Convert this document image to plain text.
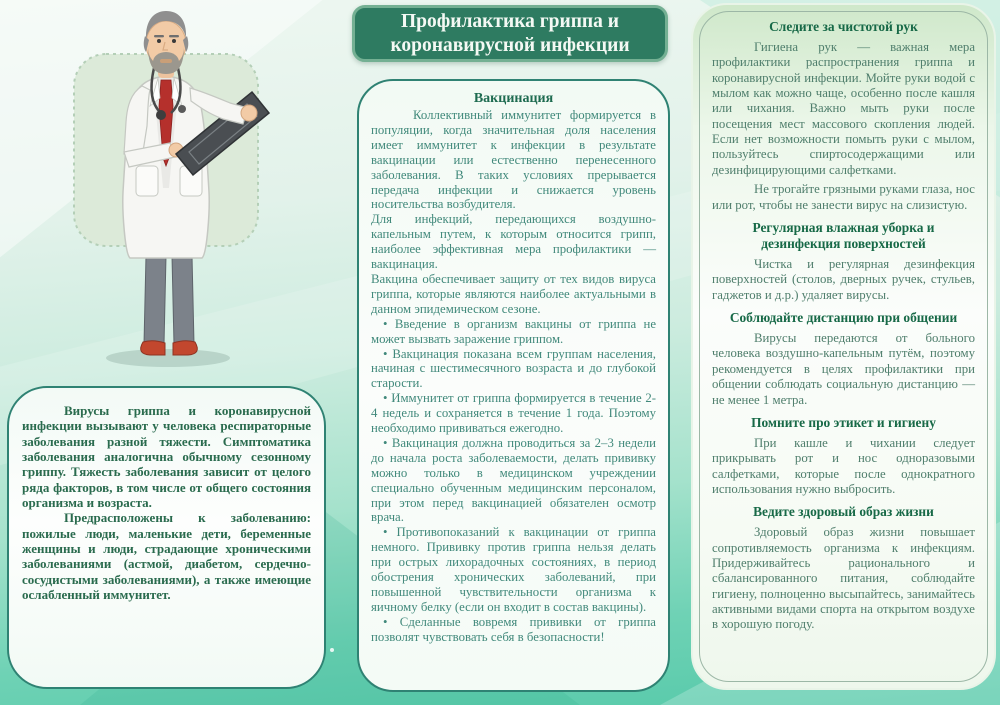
Профилактика гриппа и коронавирусной инфекции

Вирусы гриппа и коронавирусной инфекции вызывают у человека респираторные заболевания разной тяжести. Симптоматика заболевания аналогична обычному сезонному гриппу. Тяжесть заболевания зависит от целого ряда факторов, в том числе от общего состояния организма и возраста.

Предрасположены к заболеванию: пожилые люди, маленькие дети, беременные женщины и люди, страдающие хроническими заболеваниями (астмой, диабетом, сердечно-сосудистыми заболеваниями), а также имеющие ослабленный иммунитет.

Вакцинация

Коллективный иммунитет формируется в популяции, когда значительная доля населения имеет иммунитет к инфекции в результате вакцинации или естественно перенесенного заболевания. В таких условиях прерывается передача инфекции и снижается уровень носительства возбудителя.

Для инфекций, передающихся воздушно-капельным путем, к которым относится грипп, наиболее эффективная мера профилактики — вакцинация.

Вакцина обеспечивает защиту от тех видов вируса гриппа, которые являются наиболее актуальными в данном эпидемическом сезоне.

• Введение в организм вакцины от гриппа не может вызвать заражение гриппом.

• Вакцинация показана всем группам населения, начиная с шестимесячного возраста и до глубокой старости.

• Иммунитет от гриппа формируется в течение 2-4 недель и сохраняется в течение 1 года. Поэтому необходимо прививаться ежегодно.

• Вакцинация должна проводиться за 2–3 недели до начала роста заболеваемости, делать прививку можно только в медицинском учреждении специально обученным медицинским персоналом, при этом перед вакцинацией обязателен осмотр врача.

• Противопоказаний к вакцинации от гриппа немного. Прививку против гриппа нельзя делать при острых лихорадочных состояниях, в период обострения хронических заболеваний, при повышенной чувствительности организма к яичному белку (если он входит в состав вакцины).

• Сделанные вовремя прививки от гриппа позволят чувствовать себя в безопасности!

Следите за чистотой рук

Гигиена рук — важная мера профилактики распространения гриппа и коронавирусной инфекции. Мойте руки водой с мылом как можно чаще, особенно после кашля или чихания. Важно мыть руки после посещения мест массового скопления людей. Если нет возможности помыть руки с мылом, пользуйтесь спиртосодержащими или дезинфицирующими салфетками.

Не трогайте грязными руками глаза, нос или рот, чтобы не занести вирус на слизистую.

Регулярная влажная уборка и дезинфекция поверхностей

Чистка и регулярная дезинфекция поверхностей (столов, дверных ручек, стульев, гаджетов и д.р.) удаляет вирусы.

Соблюдайте дистанцию при общении

Вирусы передаются от больного человека воздушно-капельным путём, поэтому рекомендуется в целях профилактики при общении соблюдать социальную дистанцию — не менее 1 метра.

Помните про этикет и гигиену

При кашле и чихании следует прикрывать рот и нос одноразовыми салфетками, которые после однократного использования нужно выбросить.

Ведите здоровый образ жизни

Здоровый образ жизни повышает сопротивляемость организма к инфекциям. Придерживайтесь рационального и сбалансированного питания, соблюдайте гигиену, полноценно высыпайтесь, занимайтесь активными видами спорта на открытом воздухе в хорошую погоду.
